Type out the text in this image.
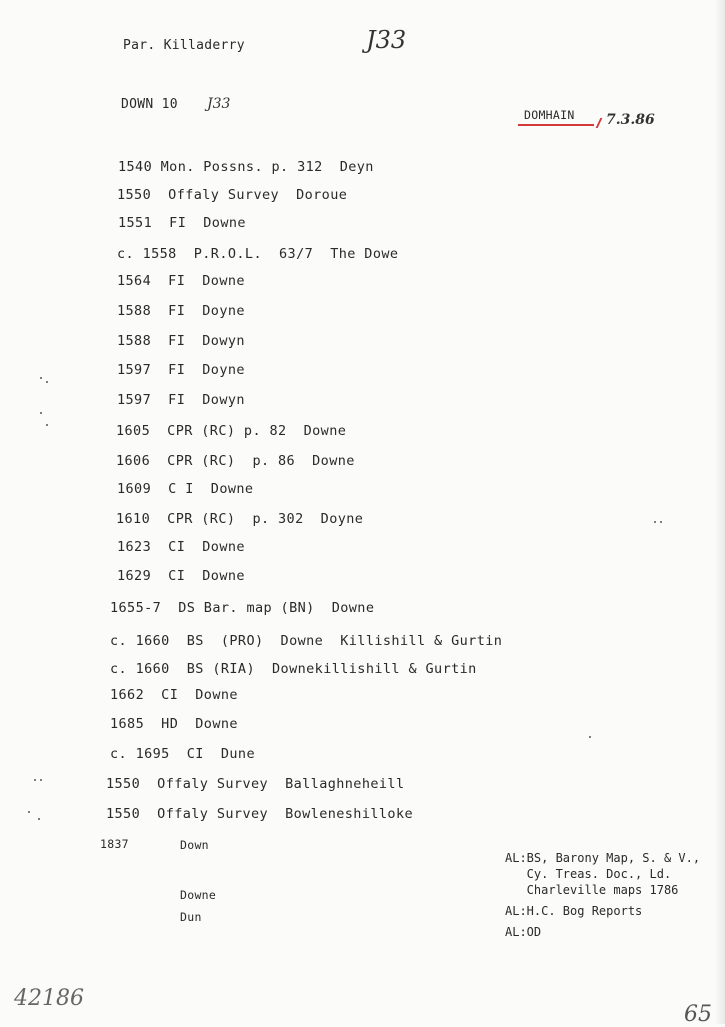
Par. Killaderry	J33
DOWN 10 J33
DOMHAIN 7.3.86
1540 Mon. Possns. p. 312  Deyn
1550  Offaly Survey  Doroue
1551  FI  Downe
c. 1558  P.R.O.L.  63/7  The Dowe
1564  FI  Downe
1588  FI  Doyne
1588  FI  Dowyn
1597  FI  Doyne
1597  FI  Dowyn
1605  CPR (RC) p. 82  Downe
1606  CPR (RC)  p. 86  Downe
1609  C I  Downe
1610  CPR (RC)  p. 302  Doyne
1623  CI  Downe
1629  CI  Downe
1655-7  DS Bar. map (BN)  Downe
c. 1660  BS  (PRO)  Downe  Killishill & Gurtin
c. 1660  BS (RIA)  Downekillishill & Gurtin
1662  CI  Downe
1685  HD  Downe
c. 1695  CI  Dune
1550  Offaly Survey  Ballaghneheill
1550  Offaly Survey  Bowleneshilloke
1837	Down
Downe
Dun
AL:BS, Barony Map, S. & V.,
Cy. Treas. Doc., Ld.
Charleville maps 1786
AL:H.C. Bog Reports
AL:OD
42186
65
